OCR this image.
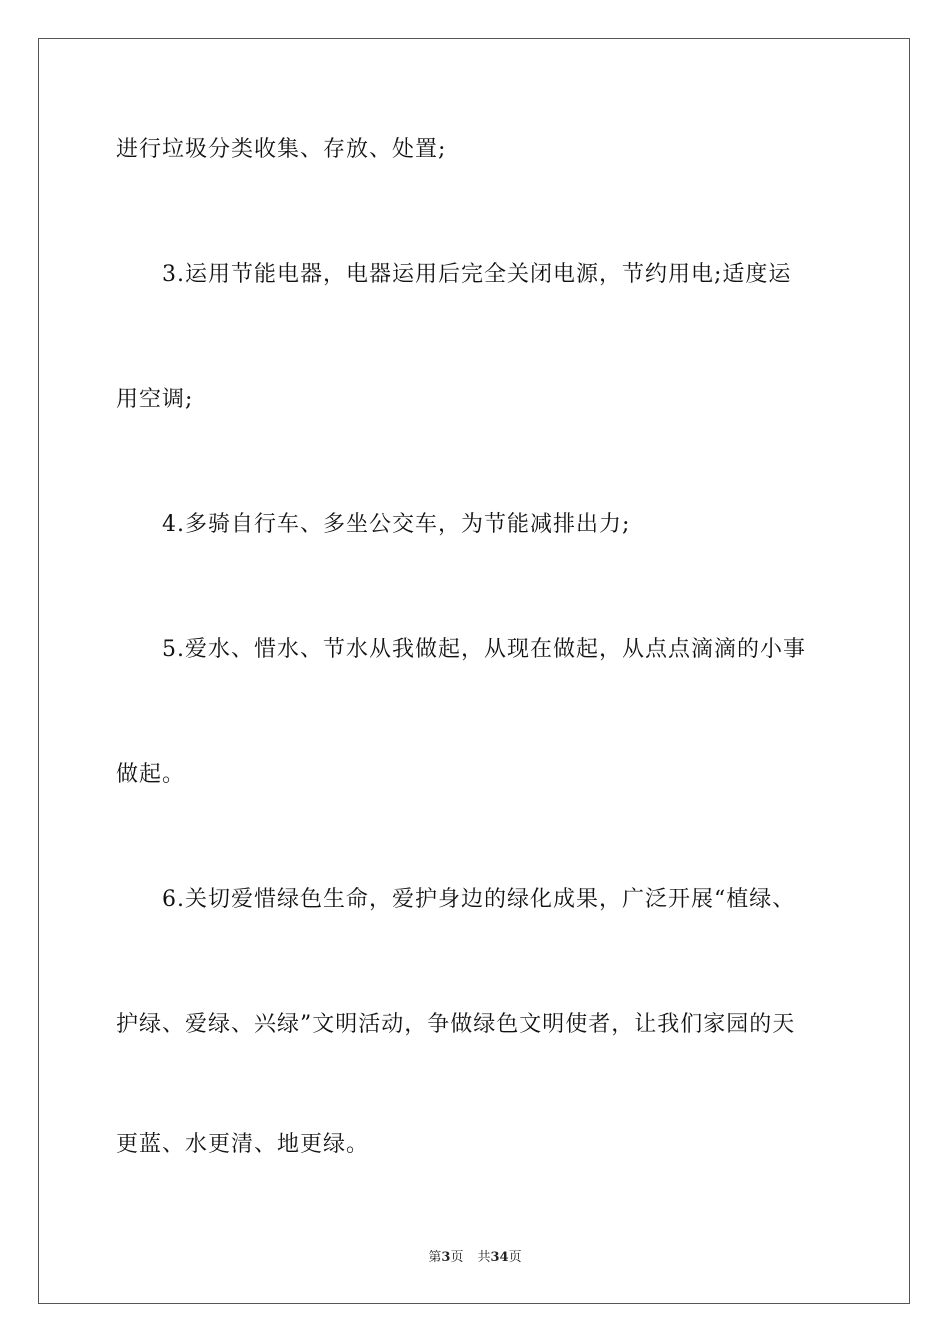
进行垃圾分类收集、存放、处置;
3.运用节能电器，电器运用后完全关闭电源，节约用电;适度运
用空调;
4.多骑自行车、多坐公交车，为节能减排出力;
5.爱水、惜水、节水从我做起，从现在做起，从点点滴滴的小事
做起。
6.关切爱惜绿色生命，爱护身边的绿化成果，广泛开展“植绿、
护绿、爱绿、兴绿”文明活动，争做绿色文明使者，让我们家园的天
更蓝、水更清、地更绿。
第3页 共34页
